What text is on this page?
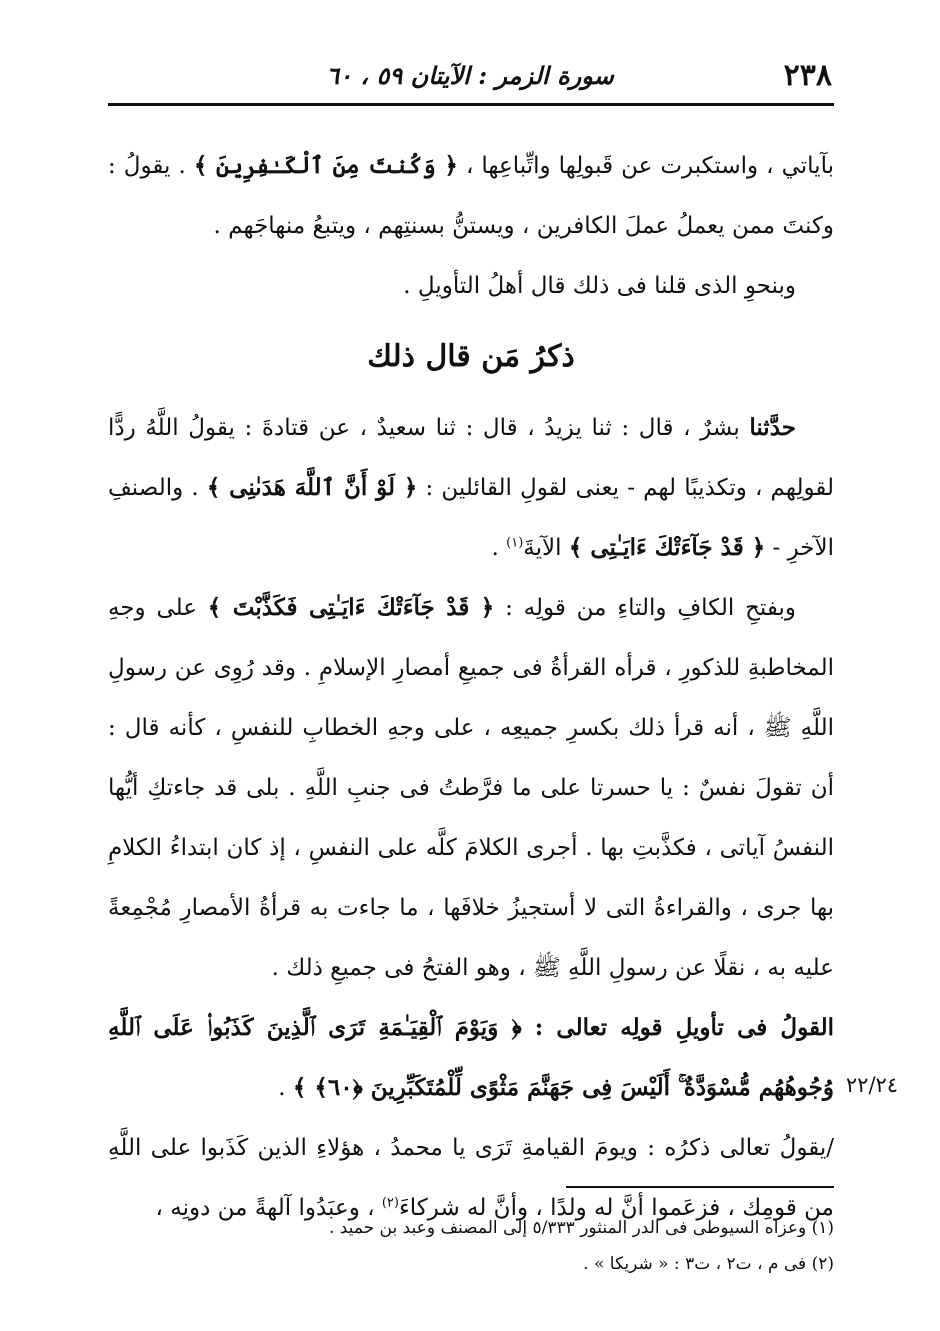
٢٣٨
سورة الزمر : الآيتان ٥٩ ، ٦٠

بآياتي ، واستكبرت عن قَبولِها واتِّباعِها ، ﴿ وَكُنتَ مِنَ ٱلْكَـٰفِرِينَ ﴾ . يقولُ : وكنتَ ممن يعملُ عملَ الكافرين ، ويستنُّ بسنتِهم ، ويتبعُ منهاجَهم .

وبنحوِ الذى قلنا فى ذلك قال أهلُ التأويلِ .

ذكرُ مَن قال ذلك

حدَّثنا بشرٌ ، قال : ثنا يزيدُ ، قال : ثنا سعيدٌ ، عن قتادةَ : يقولُ اللَّهُ ردًّا لقولِهم ، وتكذيبًا لهم - يعنى لقولِ القائلين : ﴿ لَوْ أَنَّ ٱللَّهَ هَدَىٰنِى ﴾ . والصنفِ الآخرِ - ﴿ قَدْ جَآءَتْكَ ءَايَـٰتِى ﴾ الآيةَ$^{(١)}$ .

وبفتحِ الكافِ والتاءِ من قولِه : ﴿ قَدْ جَآءَتْكَ ءَايَـٰتِى فَكَذَّبْتَ ﴾ على وجهِ المخاطبةِ للذكورِ ، قرأه القرأةُ فى جميعِ أمصارِ الإسلامِ . وقد رُوِى عن رسولِ اللَّهِ ﷺ ، أنه قرأ ذلك بكسرِ جميعِه ، على وجهِ الخطابِ للنفسِ ، كأنه قال : أن تقولَ نفسٌ : يا حسرتا على ما فرَّطتُ فى جنبِ اللَّهِ . بلى قد جاءتكِ أيُّها النفسُ آياتى ، فكذَّبتِ بها . أجرى الكلامَ كلَّه على النفسِ ، إذ كان ابتداءُ الكلامِ بها جرى ، والقراءةُ التى لا أستجيزُ خلافَها ، ما جاءت به قرأةُ الأمصارِ مُجْمِعةً عليه به ، نقلًا عن رسولِ اللَّهِ ﷺ ، وهو الفتحُ فى جميعِ ذلك .

القولُ فى تأويلِ قولِه تعالى : ﴿ وَيَوْمَ ٱلْقِيَـٰمَةِ تَرَى ٱلَّذِينَ كَذَبُوا۟ عَلَى ٱللَّهِ وُجُوهُهُم مُّسْوَدَّةٌ ۚ أَلَيْسَ فِى جَهَنَّمَ مَثْوًى لِّلْمُتَكَبِّرِينَ ﴿٦٠﴾ ﴾ .

/يقولُ تعالى ذكرُه : ويومَ القيامةِ تَرَى يا محمدُ ، هؤلاءِ الذين كَذَبوا على اللَّهِ من قومِك ، فزعَموا أنَّ له ولدًا ، وأنَّ له شركاءَ$^{(٢)}$ ، وعبَدُوا آلهةً من دونِه ،

٢٢/٢٤

(١) وعزاه السيوطى فى الدر المنثور ٥/٣٣٣ إلى المصنف وعبد بن حميد .

(٢) فى م ، ت٢ ، ت٣ : « شريكا » .
